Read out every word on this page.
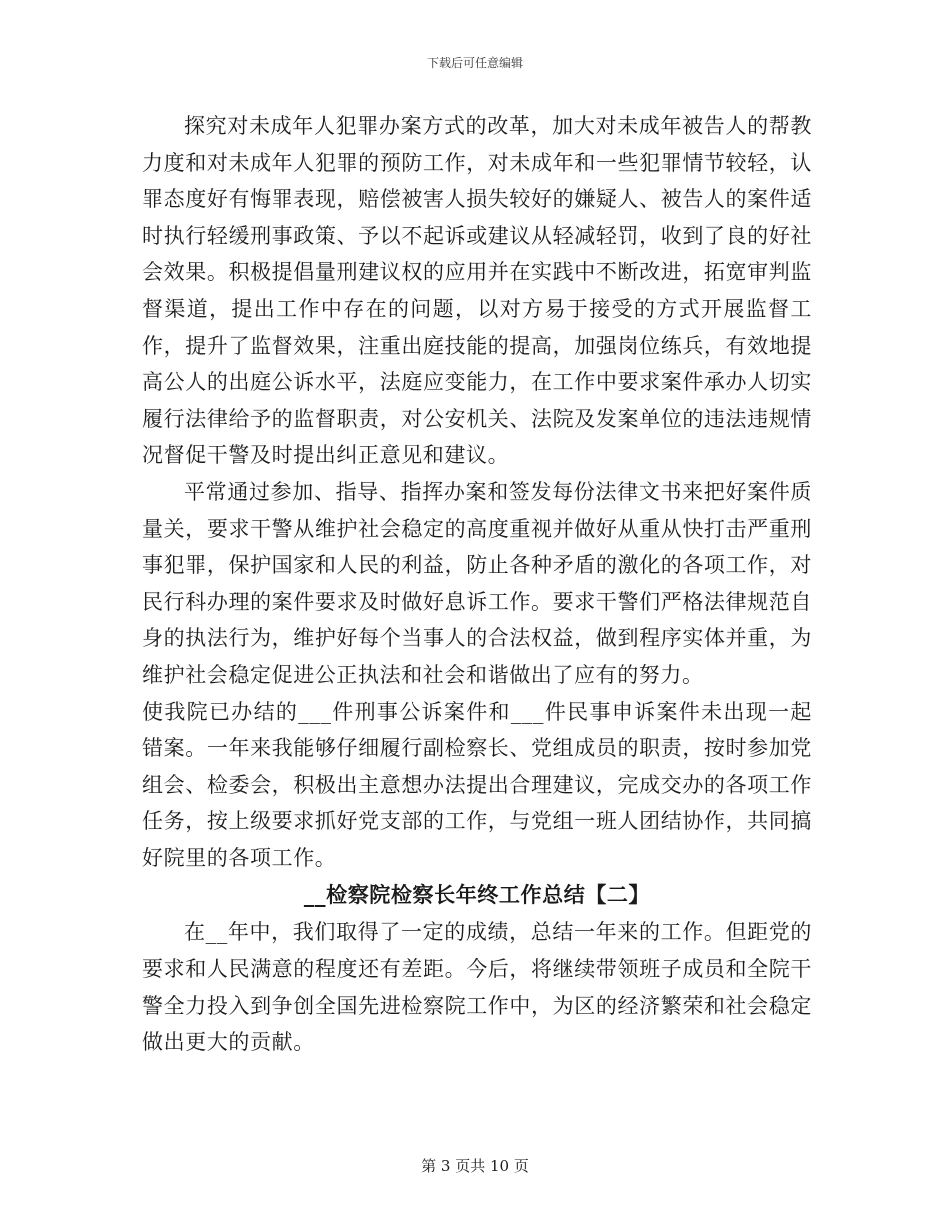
下载后可任意编辑

探究对未成年人犯罪办案方式的改革，加大对未成年被告人的帮教力度和对未成年人犯罪的预防工作，对未成年和一些犯罪情节较轻，认罪态度好有悔罪表现，赔偿被害人损失较好的嫌疑人、被告人的案件适时执行轻缓刑事政策、予以不起诉或建议从轻减轻罚，收到了良的好社会效果。积极提倡量刑建议权的应用并在实践中不断改进，拓宽审判监督渠道，提出工作中存在的问题，以对方易于接受的方式开展监督工作，提升了监督效果，注重出庭技能的提高，加强岗位练兵，有效地提高公人的出庭公诉水平，法庭应变能力，在工作中要求案件承办人切实履行法律给予的监督职责，对公安机关、法院及发案单位的违法违规情况督促干警及时提出纠正意见和建议。

平常通过参加、指导、指挥办案和签发每份法律文书来把好案件质量关，要求干警从维护社会稳定的高度重视并做好从重从快打击严重刑事犯罪，保护国家和人民的利益，防止各种矛盾的激化的各项工作，对民行科办理的案件要求及时做好息诉工作。要求干警们严格法律规范自身的执法行为，维护好每个当事人的合法权益，做到程序实体并重，为维护社会稳定促进公正执法和社会和谐做出了应有的努力。

使我院已办结的___件刑事公诉案件和___件民事申诉案件未出现一起错案。一年来我能够仔细履行副检察长、党组成员的职责，按时参加党组会、检委会，积极出主意想办法提出合理建议，完成交办的各项工作任务，按上级要求抓好党支部的工作，与党组一班人团结协作，共同搞好院里的各项工作。

__检察院检察长年终工作总结【二】

在__年中，我们取得了一定的成绩，总结一年来的工作。但距党的要求和人民满意的程度还有差距。今后，将继续带领班子成员和全院干警全力投入到争创全国先进检察院工作中，为区的经济繁荣和社会稳定做出更大的贡献。

第 3 页共 10 页
